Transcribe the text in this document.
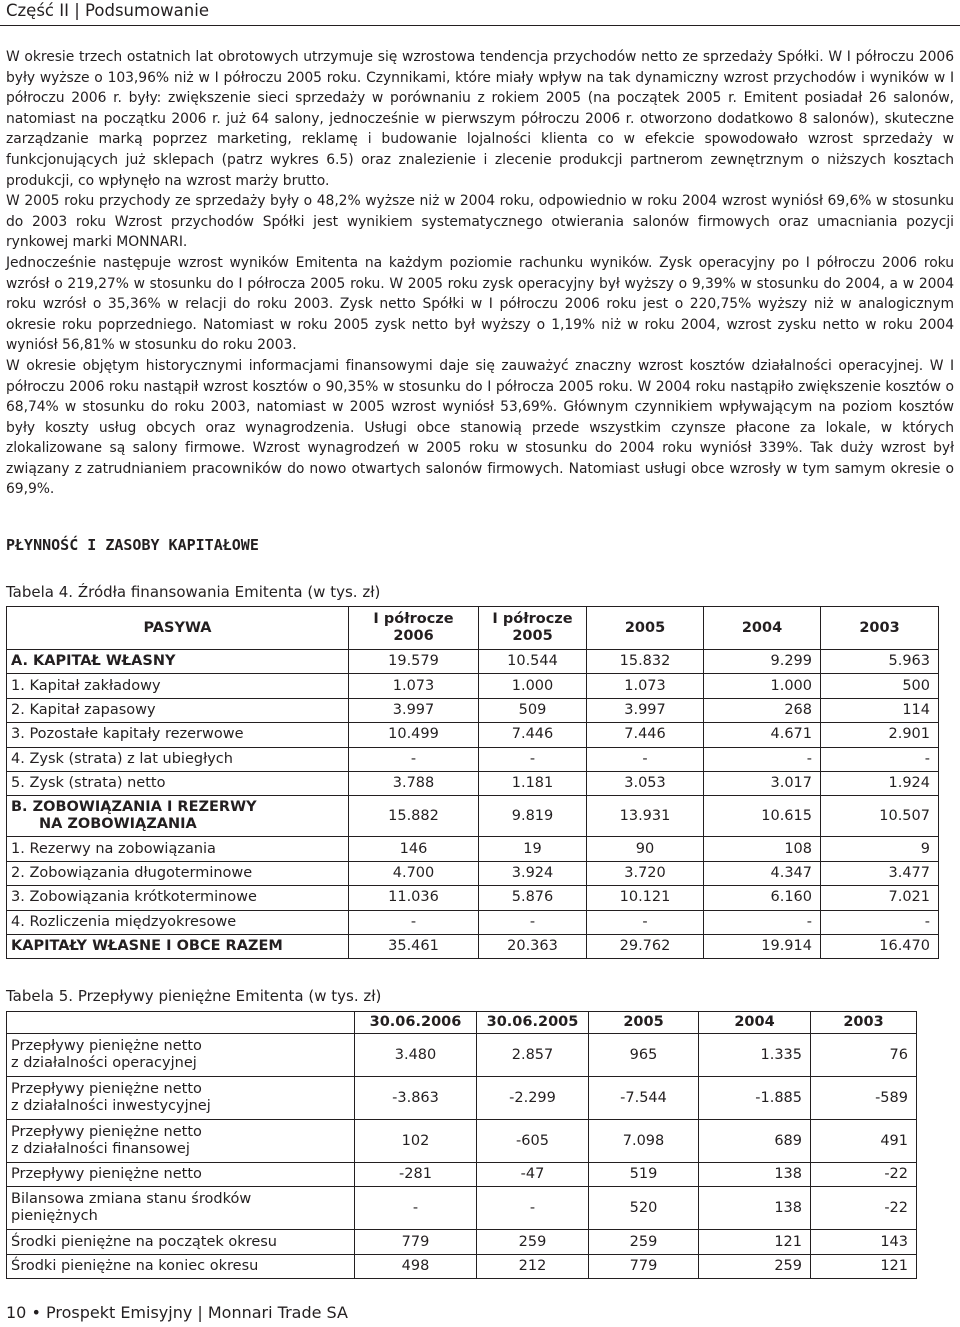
Część II | Podsumowanie

W okresie trzech ostatnich lat obrotowych utrzymuje się wzrostowa tendencja przychodów netto ze sprzedaży Spółki. W I półroczu 2006 były wyższe o 103,96% niż w I półroczu 2005 roku. Czynnikami, które miały wpływ na tak dynamiczny wzrost przychodów i wyników w I półroczu 2006 r. były: zwiększenie sieci sprzedaży w porównaniu z rokiem 2005 (na początek 2005 r. Emitent posiadał 26 salonów, natomiast na początku 2006 r. już 64 salony, jednocześnie w pierwszym półroczu 2006 r. otworzono dodatkowo 8 salonów), skuteczne zarządzanie marką poprzez marketing, reklamę i budowanie lojalności klienta co w efekcie spowodowało wzrost sprzedaży w funkcjonujących już sklepach (patrz wykres 6.5) oraz znalezienie i zlecenie produkcji partnerom zewnętrznym o niższych kosztach produkcji, co wpłynęło na wzrost marży brutto.

W 2005 roku przychody ze sprzedaży były o 48,2% wyższe niż w 2004 roku, odpowiednio w roku 2004 wzrost wyniósł 69,6% w stosunku do 2003 roku Wzrost przychodów Spółki jest wynikiem systematycznego otwierania salonów firmowych oraz umacniania pozycji rynkowej marki MONNARI.

Jednocześnie następuje wzrost wyników Emitenta na każdym poziomie rachunku wyników. Zysk operacyjny po I półroczu 2006 roku wzrósł o 219,27% w stosunku do I półrocza 2005 roku. W 2005 roku zysk operacyjny był wyższy o 9,39% w stosunku do 2004, a w 2004 roku wzrósł o 35,36% w relacji do roku 2003. Zysk netto Spółki w I półroczu 2006 roku jest o 220,75% wyższy niż w analogicznym okresie roku poprzedniego. Natomiast w roku 2005 zysk netto był wyższy o 1,19% niż w roku 2004, wzrost zysku netto w roku 2004 wyniósł 56,81% w stosunku do roku 2003.

W okresie objętym historycznymi informacjami finansowymi daje się zauważyć znaczny wzrost kosztów działalności operacyjnej. W I półroczu 2006 roku nastąpił wzrost kosztów o 90,35% w stosunku do I półrocza 2005 roku. W 2004 roku nastąpiło zwiększenie kosztów o 68,74% w stosunku do roku 2003, natomiast w 2005 wzrost wyniósł 53,69%. Głównym czynnikiem wpływającym na poziom kosztów były koszty usług obcych oraz wynagrodzenia. Usługi obce stanowią przede wszystkim czynsze płacone za lokale, w których zlokalizowane są salony firmowe. Wzrost wynagrodzeń w 2005 roku w stosunku do 2004 roku wyniósł 339%. Tak duży wzrost był związany z zatrudnianiem pracowników do nowo otwartych salonów firmowych. Natomiast usługi obce wzrosły w tym samym okresie o 69,9%.

PŁYNNOŚĆ I ZASOBY KAPITAŁOWE
Tabela 4. Źródła finansowania Emitenta (w tys. zł)
PASYWA	I półrocze 2006	I półrocze 2005	2005	2004	2003

A. KAPITAŁ WŁASNY	19.579	10.544	15.832	9.299	5.963

1. Kapitał zakładowy	1.073	1.000	1.073	1.000	500

2. Kapitał zapasowy	3.997	509	3.997	268	114

3. Pozostałe kapitały rezerwowe	10.499	7.446	7.446	4.671	2.901

4. Zysk (strata) z lat ubiegłych	-	-	-	-	-

5. Zysk (strata) netto	3.788	1.181	3.053	3.017	1.924

B. ZOBOWIĄZANIA I REZERWY
NA ZOBOWIĄZANIA	15.882	9.819	13.931	10.615	10.507

1. Rezerwy na zobowiązania	146	19	90	108	9

2. Zobowiązania długoterminowe	4.700	3.924	3.720	4.347	3.477

3. Zobowiązania krótkoterminowe	11.036	5.876	10.121	6.160	7.021

4. Rozliczenia międzyokresowe	-	-	-	-	-

KAPITAŁY WŁASNE I OBCE RAZEM	35.461	20.363	29.762	19.914	16.470
Tabela 5. Przepływy pieniężne Emitenta (w tys. zł)
	30.06.2006	30.06.2005	2005	2004	2003

Przepływy pieniężne netto
z działalności operacyjnej	3.480	2.857	965	1.335	76

Przepływy pieniężne netto
z działalności inwestycyjnej	-3.863	-2.299	-7.544	-1.885	-589

Przepływy pieniężne netto
z działalności finansowej	102	-605	7.098	689	491

Przepływy pieniężne netto	-281	-47	519	138	-22

Bilansowa zmiana stanu środków
pieniężnych	-	-	520	138	-22

Środki pieniężne na początek okresu	779	259	259	121	143

Środki pieniężne na koniec okresu	498	212	779	259	121
10 • Prospekt Emisyjny | Monnari Trade SA
